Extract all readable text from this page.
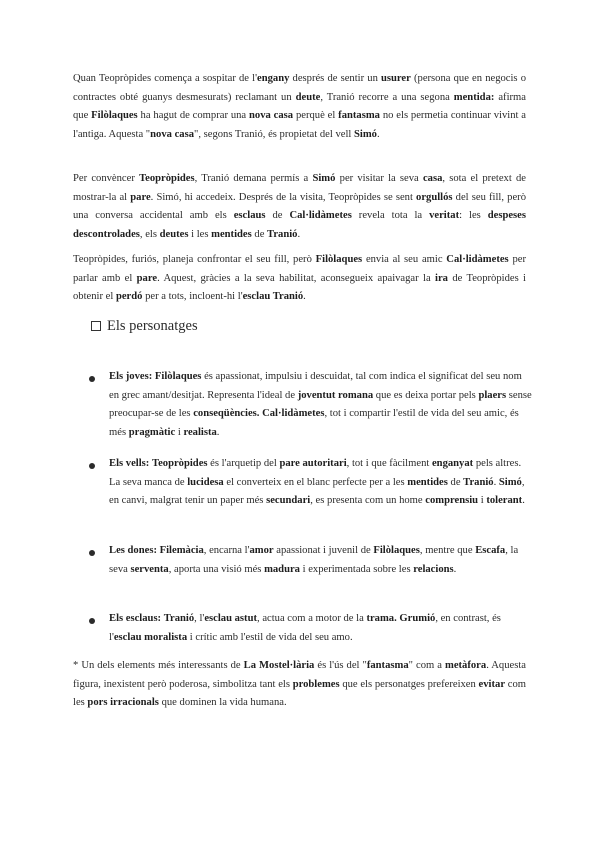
Quan Teopròpides comença a sospitar de l'engany després de sentir un usurer (persona que en negocis o contractes obté guanys desmesurats) reclamant un deute, Tranió recorre a una segona mentida: afirma que Filòlaques ha hagut de comprar una nova casa perquè el fantasma no els permetia continuar vivint a l'antiga. Aquesta "nova casa", segons Tranió, és propietat del vell Simó.

Per convèncer Teopròpides, Tranió demana permís a Simó per visitar la seva casa, sota el pretext de mostrar-la al pare. Simó, hi accedeix. Després de la visita, Teopròpides se sent orgullós del seu fill, però una conversa accidental amb els esclaus de Cal·lidàmetes revela tota la veritat: les despeses descontrolades, els deutes i les mentides de Tranió.

Teopròpides, furiós, planeja confrontar el seu fill, però Filòlaques envia al seu amic Cal·lidàmetes per parlar amb el pare. Aquest, gràcies a la seva habilitat, aconsegueix apaivagar la ira de Teopròpides i obtenir el perdó per a tots, incloent-hi l'esclau Tranió.

Els personatges

Els joves: Filòlaques és apassionat, impulsiu i descuidat, tal com indica el significat del seu nom en grec amant/desitjat. Representa l'ideal de joventut romana que es deixa portar pels plaers sense preocupar-se de les conseqüències. Cal·lidàmetes, tot i compartir l'estil de vida del seu amic, és més pragmàtic i realista.

Els vells: Teopròpides és l'arquetip del pare autoritari, tot i que fàcilment enganyat pels altres. La seva manca de lucidesa el converteix en el blanc perfecte per a les mentides de Tranió. Simó, en canvi, malgrat tenir un paper més secundari, es presenta com un home comprensiu i tolerant.

Les dones: Filemàcia, encarna l'amor apassionat i juvenil de Filòlaques, mentre que Escafa, la seva serventa, aporta una visió més madura i experimentada sobre les relacions.

Els esclaus: Tranió, l'esclau astut, actua com a motor de la trama. Grumió, en contrast, és l'esclau moralista i crític amb l'estil de vida del seu amo.

* Un dels elements més interessants de La Mostel·lària és l'ús del "fantasma" com a metàfora. Aquesta figura, inexistent però poderosa, simbolitza tant els problemes que els personatges prefereixen evitar com les pors irracionals que dominen la vida humana.
